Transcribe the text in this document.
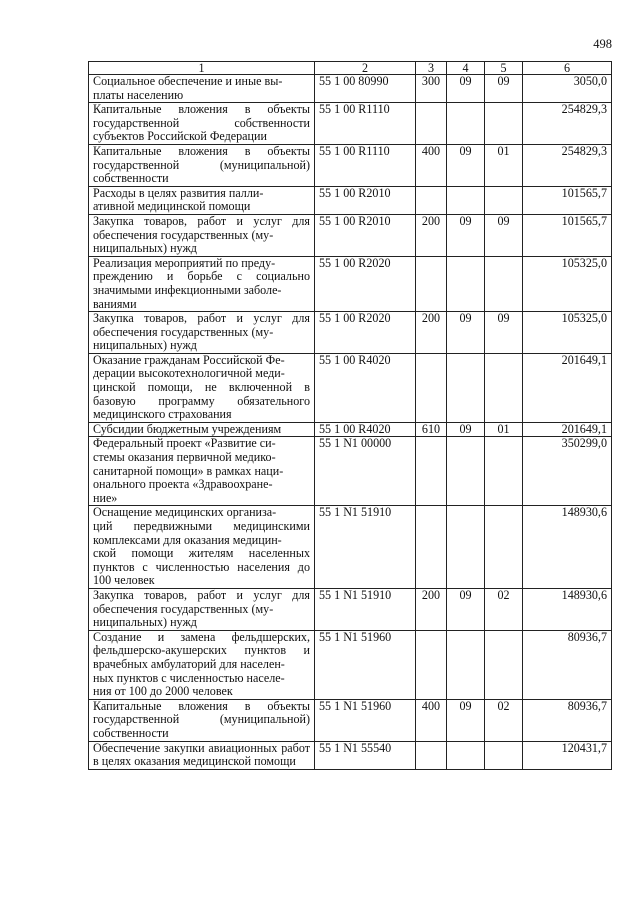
498
1	2	3	4	5	6
Социальное обеспечение и иные вы-
платы населению	55 1 00 80990	300	09	09	3050,0
Капитальные вложения в объекты государственной собственности субъектов Российской Федерации	55 1 00 R1110				254829,3
Капитальные вложения в объекты государственной (муниципальной) собственности	55 1 00 R1110	400	09	01	254829,3
Расходы в целях развития палли-
ативной медицинской помощи	55 1 00 R2010				101565,7
Закупка товаров, работ и услуг для обеспечения государственных (му-
ниципальных) нужд	55 1 00 R2010	200	09	09	101565,7
Реализация мероприятий по преду-
преждению и борьбе с социально значимыми инфекционными заболе-
ваниями	55 1 00 R2020				105325,0
Закупка товаров, работ и услуг для обеспечения государственных (му-
ниципальных) нужд	55 1 00 R2020	200	09	09	105325,0
Оказание гражданам Российской Фе-
дерации высокотехнологичной меди-
цинской помощи, не включенной в базовую программу обязательного медицинского страхования	55 1 00 R4020				201649,1
Субсидии бюджетным учреждениям	55 1 00 R4020	610	09	01	201649,1
Федеральный проект «Развитие си-
стемы оказания первичной медико-
санитарной помощи» в рамках наци-
онального проекта «Здравоохране-
ние»	55 1 N1 00000				350299,0
Оснащение медицинских организа-
ций передвижными медицинскими комплексами для оказания медицин-
ской помощи жителям населенных пунктов с численностью населения до 100 человек	55 1 N1 51910				148930,6
Закупка товаров, работ и услуг для обеспечения государственных (му-
ниципальных) нужд	55 1 N1 51910	200	09	02	148930,6
Создание и замена фельдшерских, фельдшерско-акушерских пунктов и врачебных амбулаторий для населен-
ных пунктов с численностью населе-
ния от 100 до 2000 человек	55 1 N1 51960				80936,7
Капитальные вложения в объекты государственной (муниципальной) собственности	55 1 N1 51960	400	09	02	80936,7
Обеспечение закупки авиационных работ в целях оказания медицинской помощи	55 1 N1 55540				120431,7
